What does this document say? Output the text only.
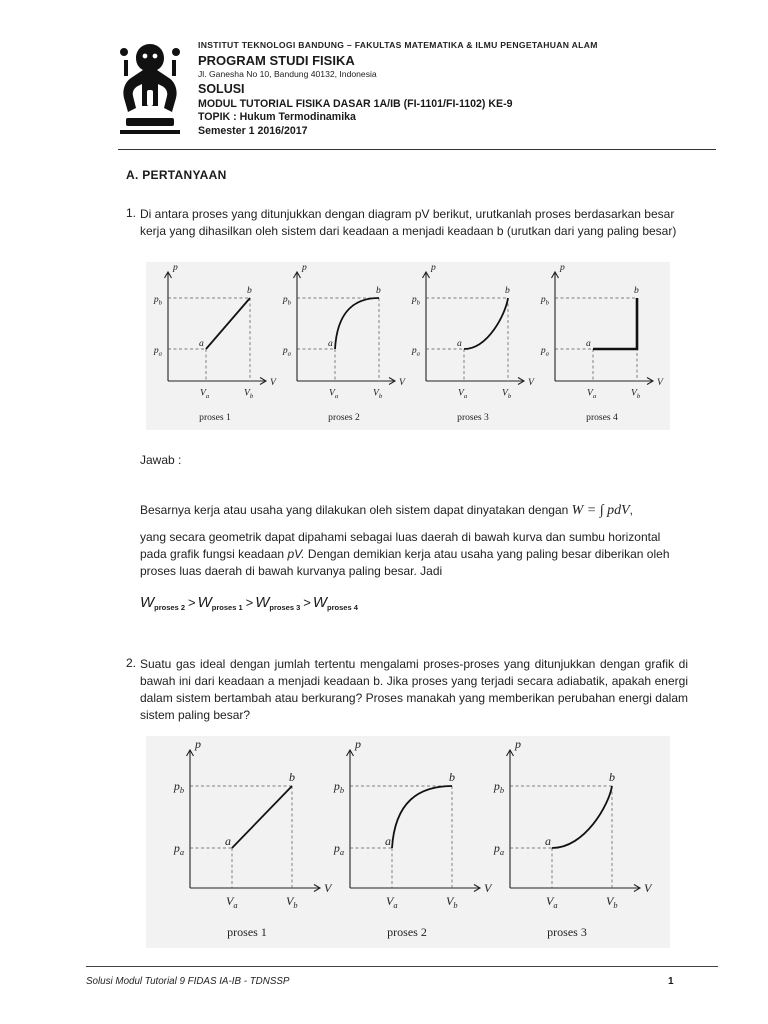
INSTITUT TEKNOLOGI BANDUNG – FAKULTAS MATEMATIKA & ILMU PENGETAHUAN ALAM
PROGRAM STUDI FISIKA
Jl. Ganesha No 10, Bandung 40132, Indonesia
SOLUSI
MODUL TUTORIAL FISIKA DASAR 1A/IB (FI-1101/FI-1102) KE-9
TOPIK : Hukum Termodinamika
Semester 1 2016/2017
A. PERTANYAAN
1. Di antara proses yang ditunjukkan dengan diagram pV berikut, urutkanlah proses berdasarkan besar kerja yang dihasilkan oleh sistem dari keadaan a menjadi keadaan b (urutkan dari yang paling besar)
p
V
$p_b$
$p_a$
$V_a$	$V_b$
a
b
proses 1
p
V
$p_b$
$p_a$
$V_a$	$V_b$
a
b
proses 2
p
V
$p_b$
$p_a$
$V_a$	$V_b$
a
b
proses 3
p
V
$p_b$
$p_a$
$V_a$	$V_b$
a
b
proses 4
Jawab :
Besarnya kerja atau usaha yang dilakukan oleh sistem dapat dinyatakan dengan W = ∫ pdV,
yang secara geometrik dapat dipahami sebagai luas daerah di bawah kurva dan sumbu horizontal pada grafik fungsi keadaan pV. Dengan demikian kerja atau usaha yang paling besar diberikan oleh proses luas daerah di bawah kurvanya paling besar. Jadi
$W_{proses 2} > W_{proses 1} > W_{proses 3} > W_{proses 4}$
2. Suatu gas ideal dengan jumlah tertentu mengalami proses-proses yang ditunjukkan dengan grafik di bawah ini dari keadaan a menjadi keadaan b. Jika proses yang terjadi secara adiabatik, apakah energi dalam sistem bertambah atau berkurang? Proses manakah yang memberikan perubahan energi dalam sistem paling besar?
p
V
$p_b$
$p_a$
$V_a$	$V_b$
a
b
proses 1
p
V
$p_b$
$p_a$
$V_a$	$V_b$
a
b
proses 2
p
V
$p_b$
$p_a$
$V_a$	$V_b$
a
b
proses 3
Solusi Modul Tutorial 9 FIDAS IA-IB - TDNSSP	1
